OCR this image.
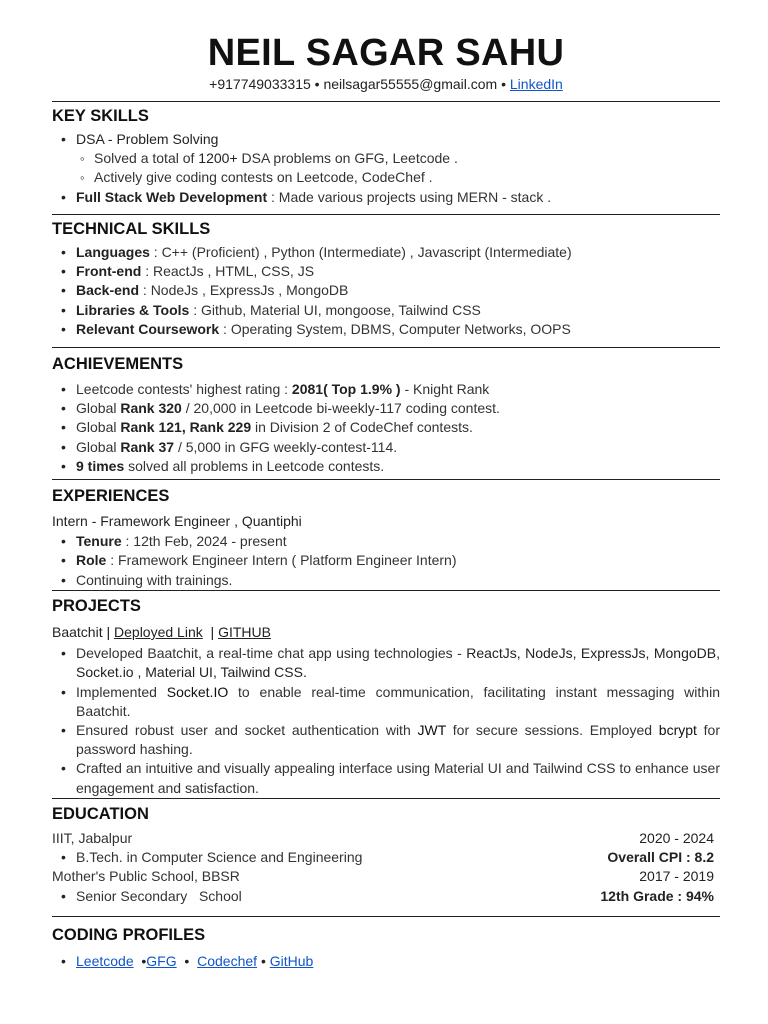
NEIL SAGAR SAHU
+917749033315 • neilsagar55555@gmail.com • LinkedIn
KEY SKILLS
• DSA - Problem Solving
◦ Solved a total of 1200+ DSA problems on GFG, Leetcode .
◦ Actively give coding contests on Leetcode, CodeChef .
• Full Stack Web Development : Made various projects using MERN - stack .
TECHNICAL SKILLS
• Languages : C++ (Proficient) , Python (Intermediate) , Javascript (Intermediate)
• Front-end : ReactJs , HTML, CSS, JS
• Back-end : NodeJs , ExpressJs , MongoDB
• Libraries & Tools : Github, Material UI, mongoose, Tailwind CSS
• Relevant Coursework : Operating System, DBMS, Computer Networks, OOPS
ACHIEVEMENTS
• Leetcode contests' highest rating : 2081( Top 1.9% ) - Knight Rank
• Global Rank 320 / 20,000 in Leetcode bi-weekly-117 coding contest.
• Global Rank 121, Rank 229 in Division 2 of CodeChef contests.
• Global Rank 37 / 5,000 in GFG weekly-contest-114.
• 9 times solved all problems in Leetcode contests.
EXPERIENCES
Intern - Framework Engineer , Quantiphi
• Tenure : 12th Feb, 2024 - present
• Role : Framework Engineer Intern ( Platform Engineer Intern)
• Continuing with trainings.
PROJECTS
Baatchit | Deployed Link | GITHUB
• Developed Baatchit, a real-time chat app using technologies - ReactJs, NodeJs, ExpressJs, MongoDB, Socket.io , Material UI, Tailwind CSS.
• Implemented Socket.IO to enable real-time communication, facilitating instant messaging within Baatchit.
• Ensured robust user and socket authentication with JWT for secure sessions. Employed bcrypt for password hashing.
• Crafted an intuitive and visually appealing interface using Material UI and Tailwind CSS to enhance user engagement and satisfaction.
EDUCATION
IIIT, Jabalpur	2020 - 2024
• B.Tech. in Computer Science and Engineering	Overall CPI : 8.2
Mother's Public School, BBSR	2017 - 2019
• Senior Secondary   School	12th Grade : 94%
CODING PROFILES
• Leetcode •GFG • Codechef • GitHub
